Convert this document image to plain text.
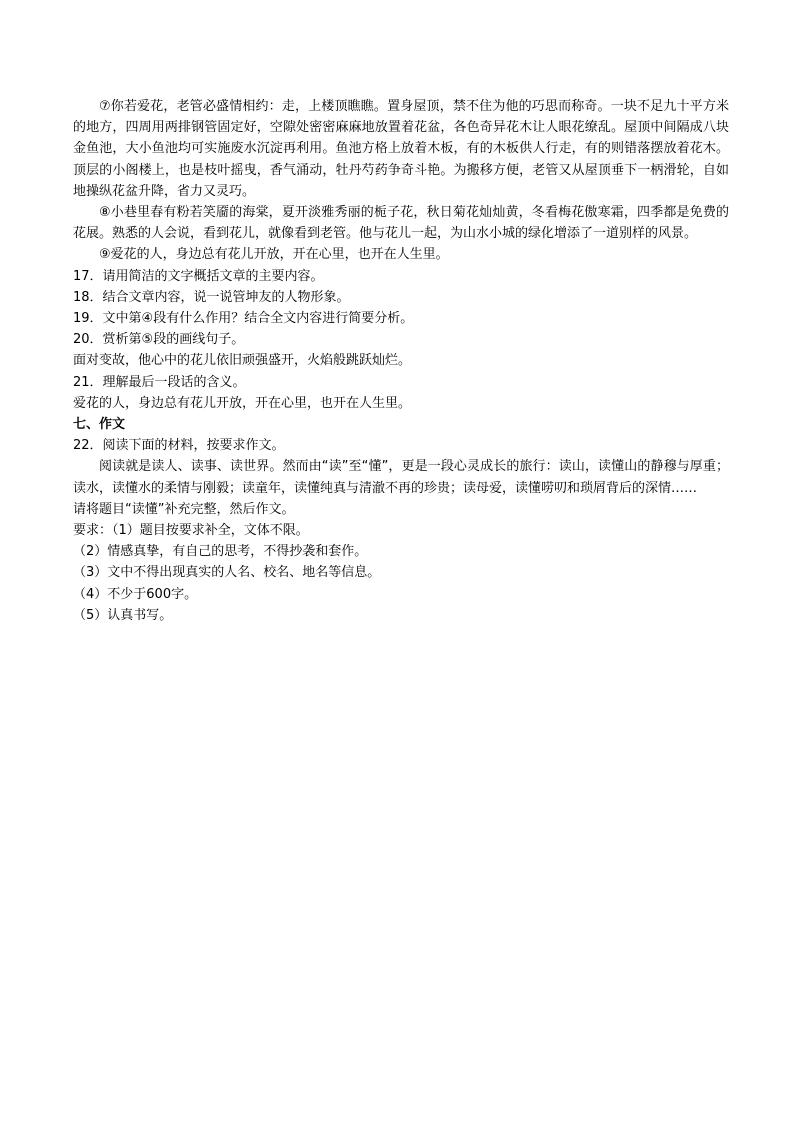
⑦你若爱花，老管必盛情相约：走，上楼顶瞧瞧。置身屋顶，禁不住为他的巧思而称奇。一块不足九十平方米的地方，四周用两排钢管固定好，空隙处密密麻麻地放置着花盆，各色奇异花木让人眼花缭乱。屋顶中间隔成八块金鱼池，大小鱼池均可实施废水沉淀再利用。鱼池方格上放着木板，有的木板供人行走，有的则错落摆放着花木。顶层的小阁楼上，也是枝叶摇曳，香气涌动，牡丹芍药争奇斗艳。为搬移方便，老管又从屋顶垂下一柄滑轮，自如地操纵花盆升降，省力又灵巧。

⑧小巷里春有粉若笑靥的海棠，夏开淡雅秀丽的栀子花，秋日菊花灿灿黄，冬看梅花傲寒霜，四季都是免费的花展。熟悉的人会说，看到花儿，就像看到老管。他与花儿一起，为山水小城的绿化增添了一道别样的风景。

⑨爱花的人，身边总有花儿开放，开在心里，也开在人生里。

17．请用简洁的文字概括文章的主要内容。

18．结合文章内容，说一说管坤友的人物形象。

19．文中第④段有什么作用？结合全文内容进行简要分析。

20．赏析第⑤段的画线句子。

面对变故，他心中的花儿依旧顽强盛开，火焰般跳跃灿烂。

21．理解最后一段话的含义。

爱花的人，身边总有花儿开放，开在心里，也开在人生里。

七、作文

22．阅读下面的材料，按要求作文。

阅读就是读人、读事、读世界。然而由“读”至“懂”，更是一段心灵成长的旅行：读山，读懂山的静穆与厚重；读水，读懂水的柔情与刚毅；读童年，读懂纯真与清澈不再的珍贵；读母爱，读懂唠叨和琐屑背后的深情……

请将题目“读懂”补充完整，然后作文。

要求：（1）题目按要求补全，文体不限。

（2）情感真挚，有自己的思考，不得抄袭和套作。

（3）文中不得出现真实的人名、校名、地名等信息。

（4）不少于600字。

（5）认真书写。
